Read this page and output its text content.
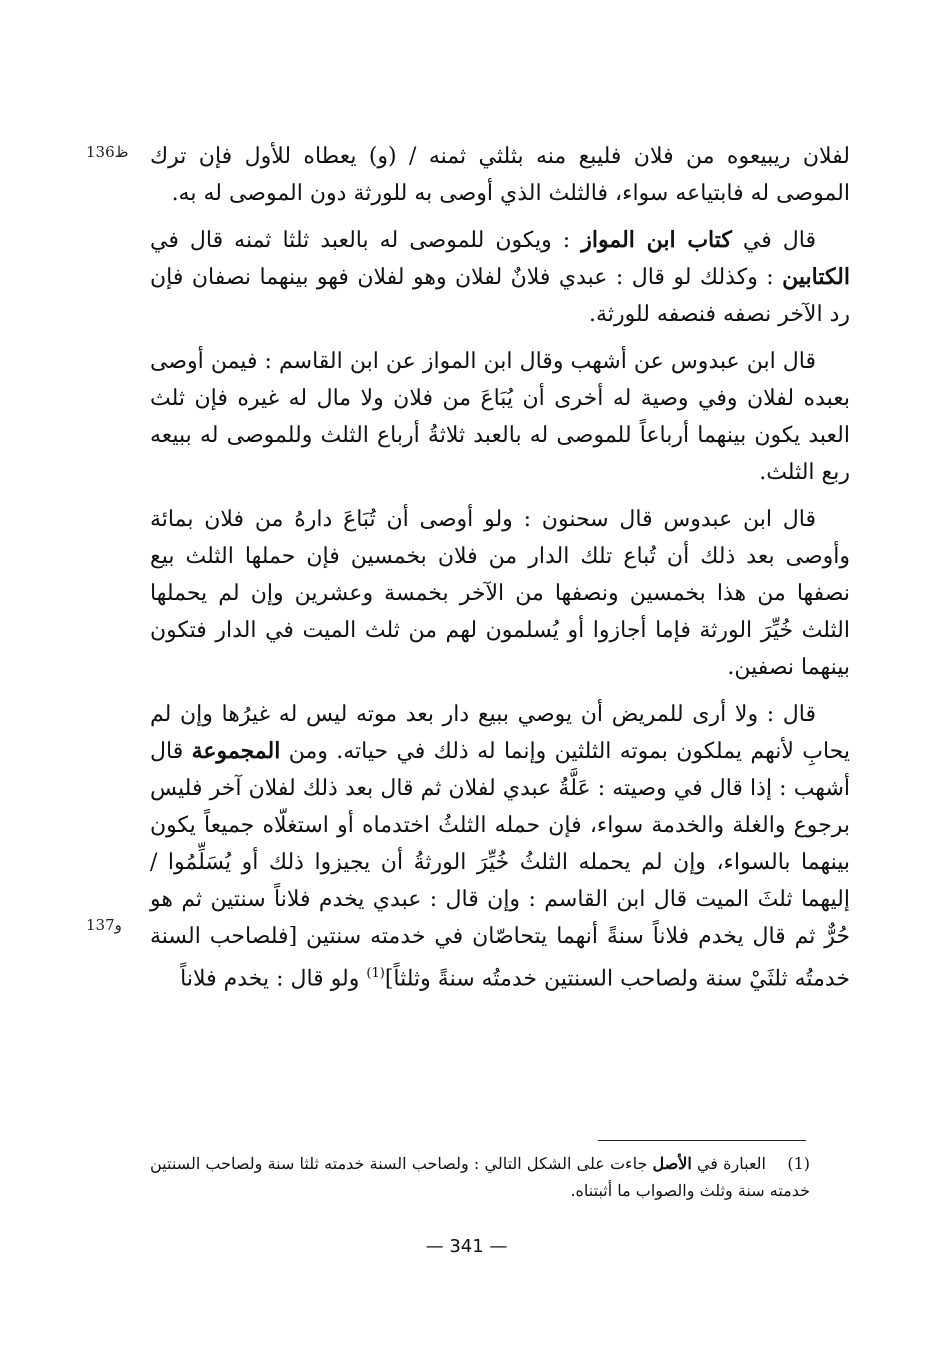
136ظ
137و

لفلان ريبيعوه من فلان فليبع منه بثلثي ثمنه / (و) يعطاه للأول فإن ترك الموصى له فابتياعه سواء، فالثلث الذي أوصى به للورثة دون الموصى له به.

قال في كتاب ابن المواز : ويكون للموصى له بالعبد ثلثا ثمنه قال في الكتابين : وكذلك لو قال : عبدي فلانٌ لفلان وهو لفلان فهو بينهما نصفان فإن رد الآخر نصفه فنصفه للورثة.

قال ابن عبدوس عن أشهب وقال ابن المواز عن ابن القاسم : فيمن أوصى بعبده لفلان وفي وصية له أخرى أن يُبَاعَ من فلان ولا مال له غيره فإن ثلث العبد يكون بينهما أرباعاً للموصى له بالعبد ثلاثةُ أرباع الثلث وللموصى له ببيعه ربع الثلث.

قال ابن عبدوس قال سحنون : ولو أوصى أن تُبَاعَ دارهُ من فلان بمائة وأوصى بعد ذلك أن تُباع تلك الدار من فلان بخمسين فإن حملها الثلث بيع نصفها من هذا بخمسين ونصفها من الآخر بخمسة وعشرين وإن لم يحملها الثلث خُيِّرَ الورثة فإما أجازوا أو يُسلمون لهم من ثلث الميت في الدار فتكون بينهما نصفين.

قال : ولا أرى للمريض أن يوصي ببيع دار بعد موته ليس له غيرُها وإن لم يحابِ لأنهم يملكون بموته الثلثين وإنما له ذلك في حياته. ومن المجموعة قال أشهب : إذا قال في وصيته : عَلَّةُ عبدي لفلان ثم قال بعد ذلك لفلان آخر فليس برجوع والغلة والخدمة سواء، فإن حمله الثلثُ اختدماه أو استغلّاه جميعاً يكون بينهما بالسواء، وإن لم يحمله الثلثُ خُيِّرَ الورثةُ أن يجيزوا ذلك أو يُسَلِّمُوا / إليهما ثلثَ الميت قال ابن القاسم : وإن قال : عبدي يخدم فلاناً سنتين ثم هو حُرٌّ ثم قال يخدم فلاناً سنةً أنهما يتحاصّان في خدمته سنتين [فلصاحب السنة خدمتُه ثلثَيْ سنة ولصاحب السنتين خدمتُه سنةً وثلثاً]$^{(1)}$ ولو قال : يخدم فلاناً

(1)العبارة في الأصل جاءت على الشكل التالي : ولصاحب السنة خدمته ثلثا سنة ولصاحب السنتين خدمته سنة وثلث والصواب ما أثبتناه.
— 341 —
